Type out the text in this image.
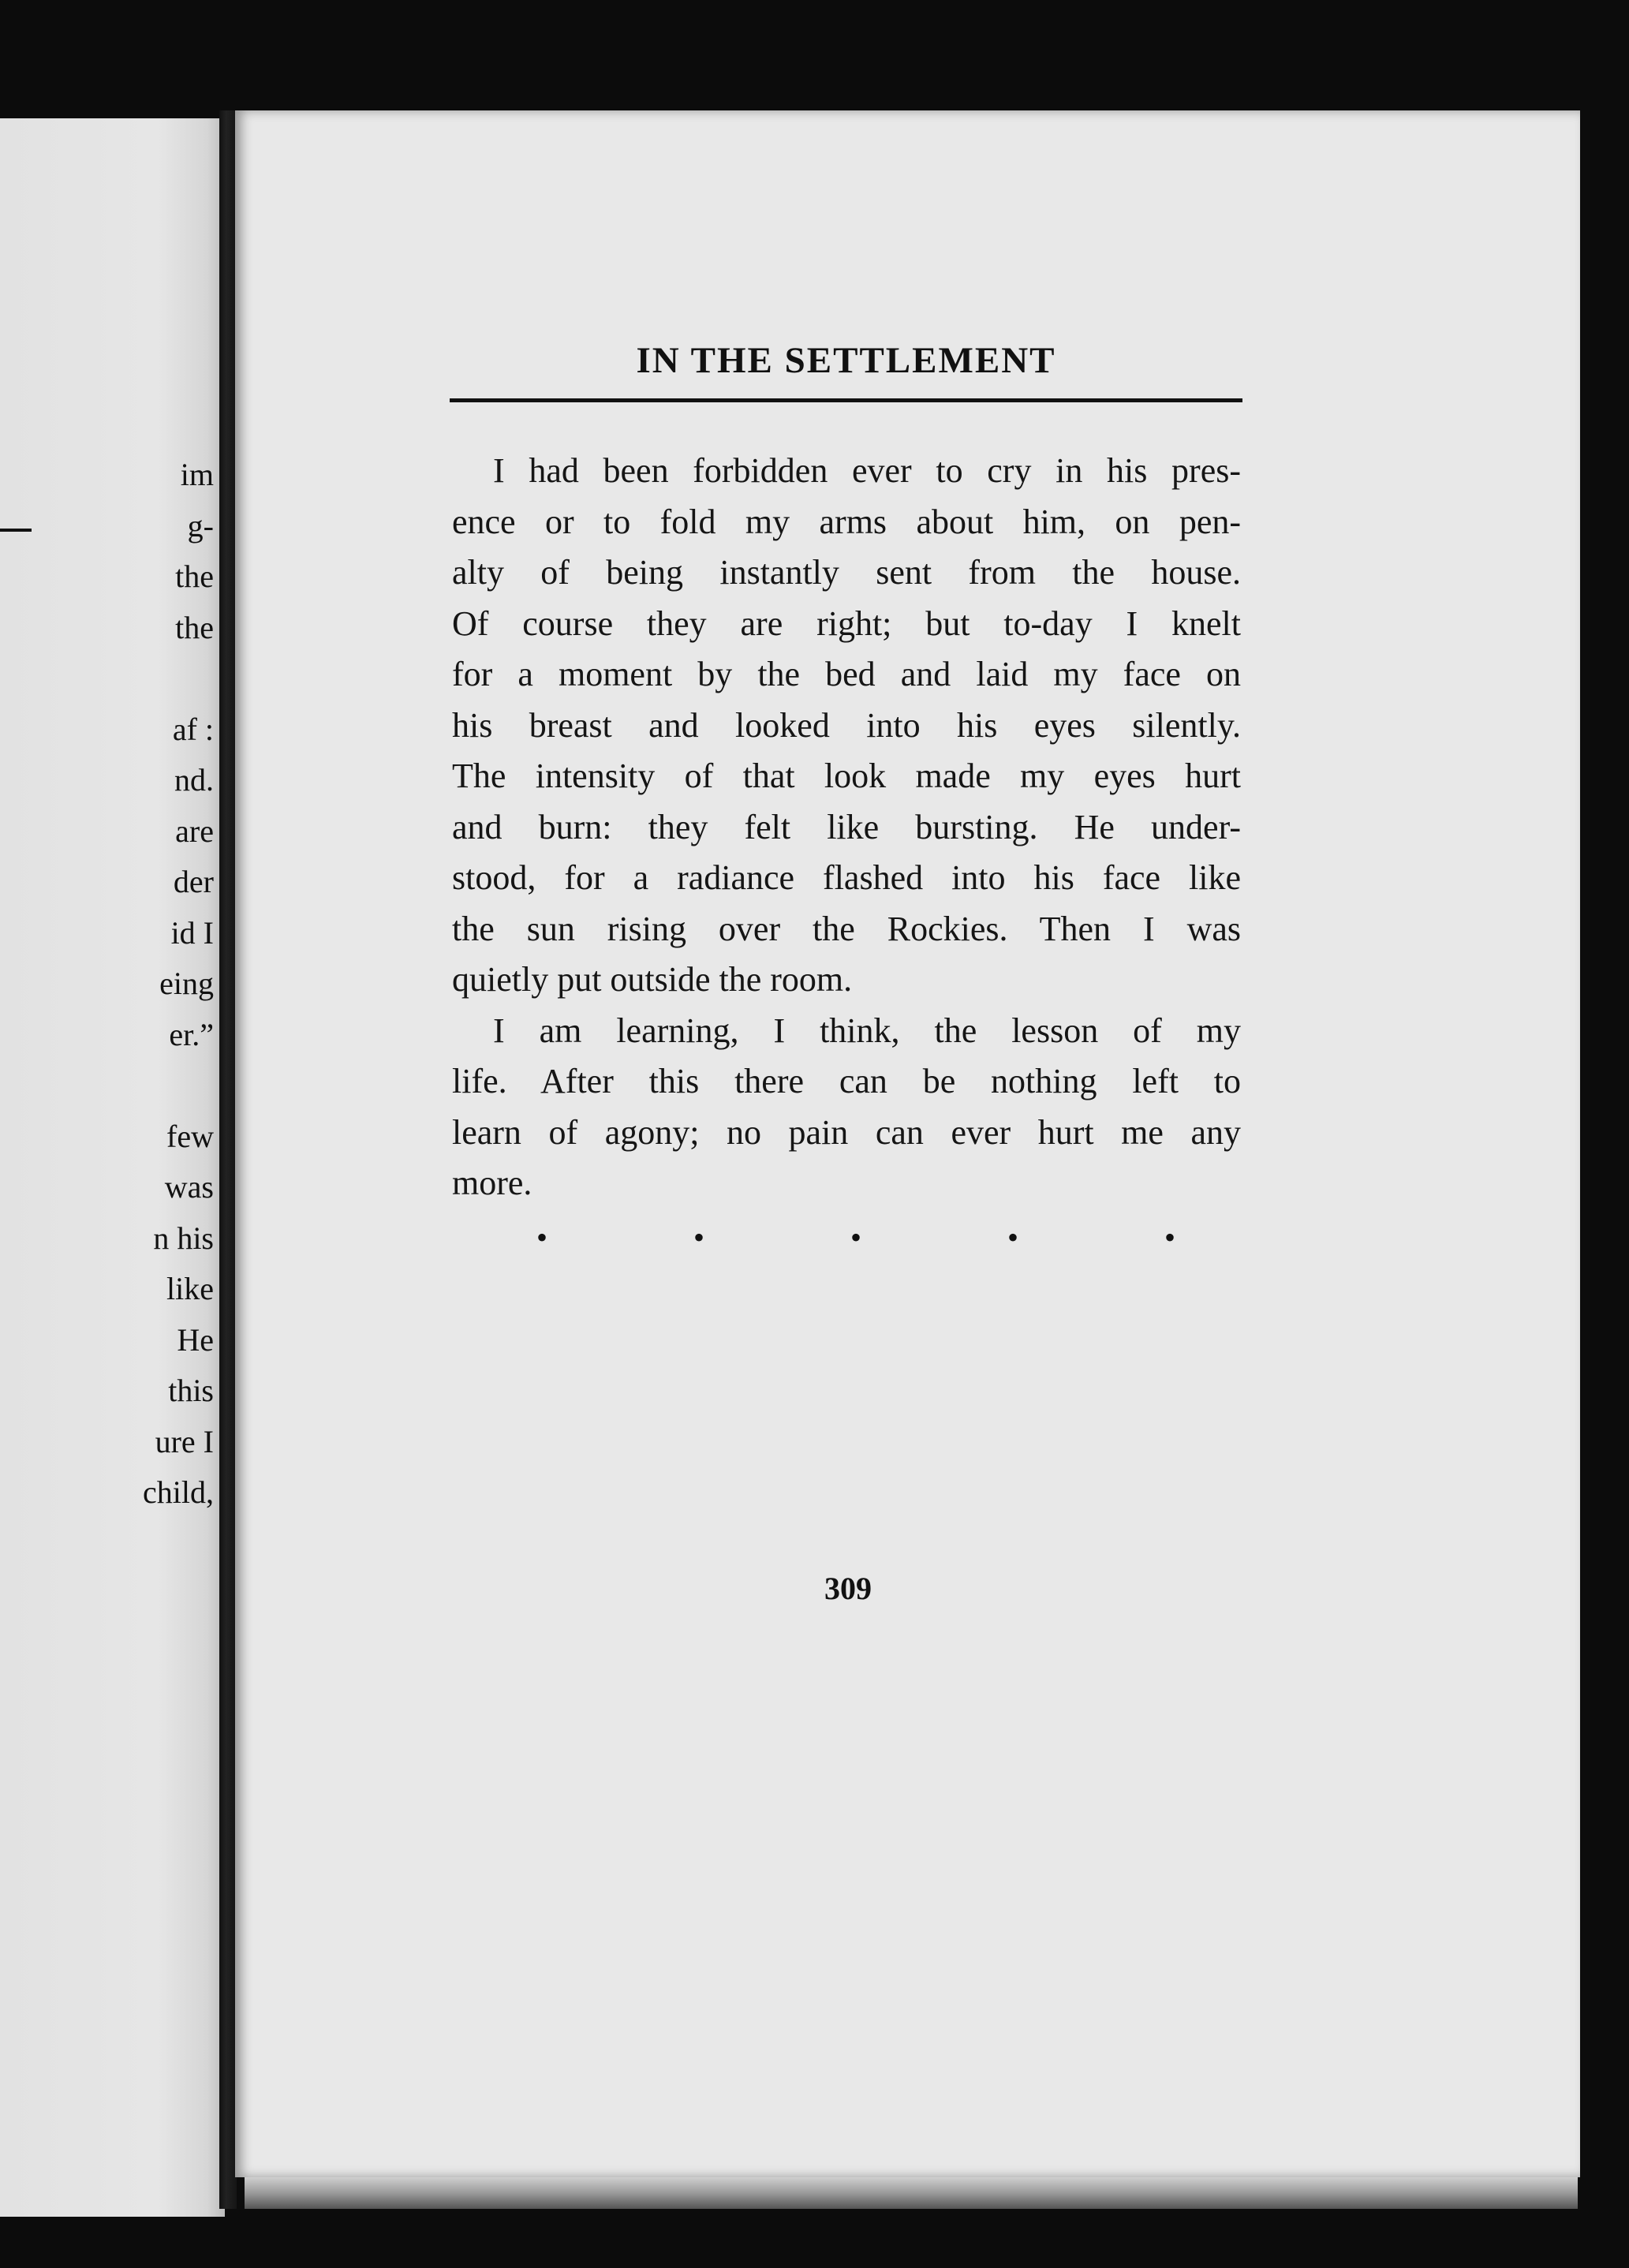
im
g-
the
the
af :
nd.
are
der
id I
eing
er.”
few
was
n his
like
He
this
ure I
child,
IN THE SETTLEMENT
I had been forbidden ever to cry in his pres-
ence or to fold my arms about him, on pen-
alty of being instantly sent from the house.
Of course they are right; but to-day I knelt
for a moment by the bed and laid my face on
his breast and looked into his eyes silently.
The intensity of that look made my eyes hurt
and burn: they felt like bursting. He under-
stood, for a radiance flashed into his face like
the sun rising over the Rockies. Then I was
quietly put outside the room.
I am learning, I think, the lesson of my
life. After this there can be nothing left to
learn of agony; no pain can ever hurt me any
more.
•	•	•	•	•
309
